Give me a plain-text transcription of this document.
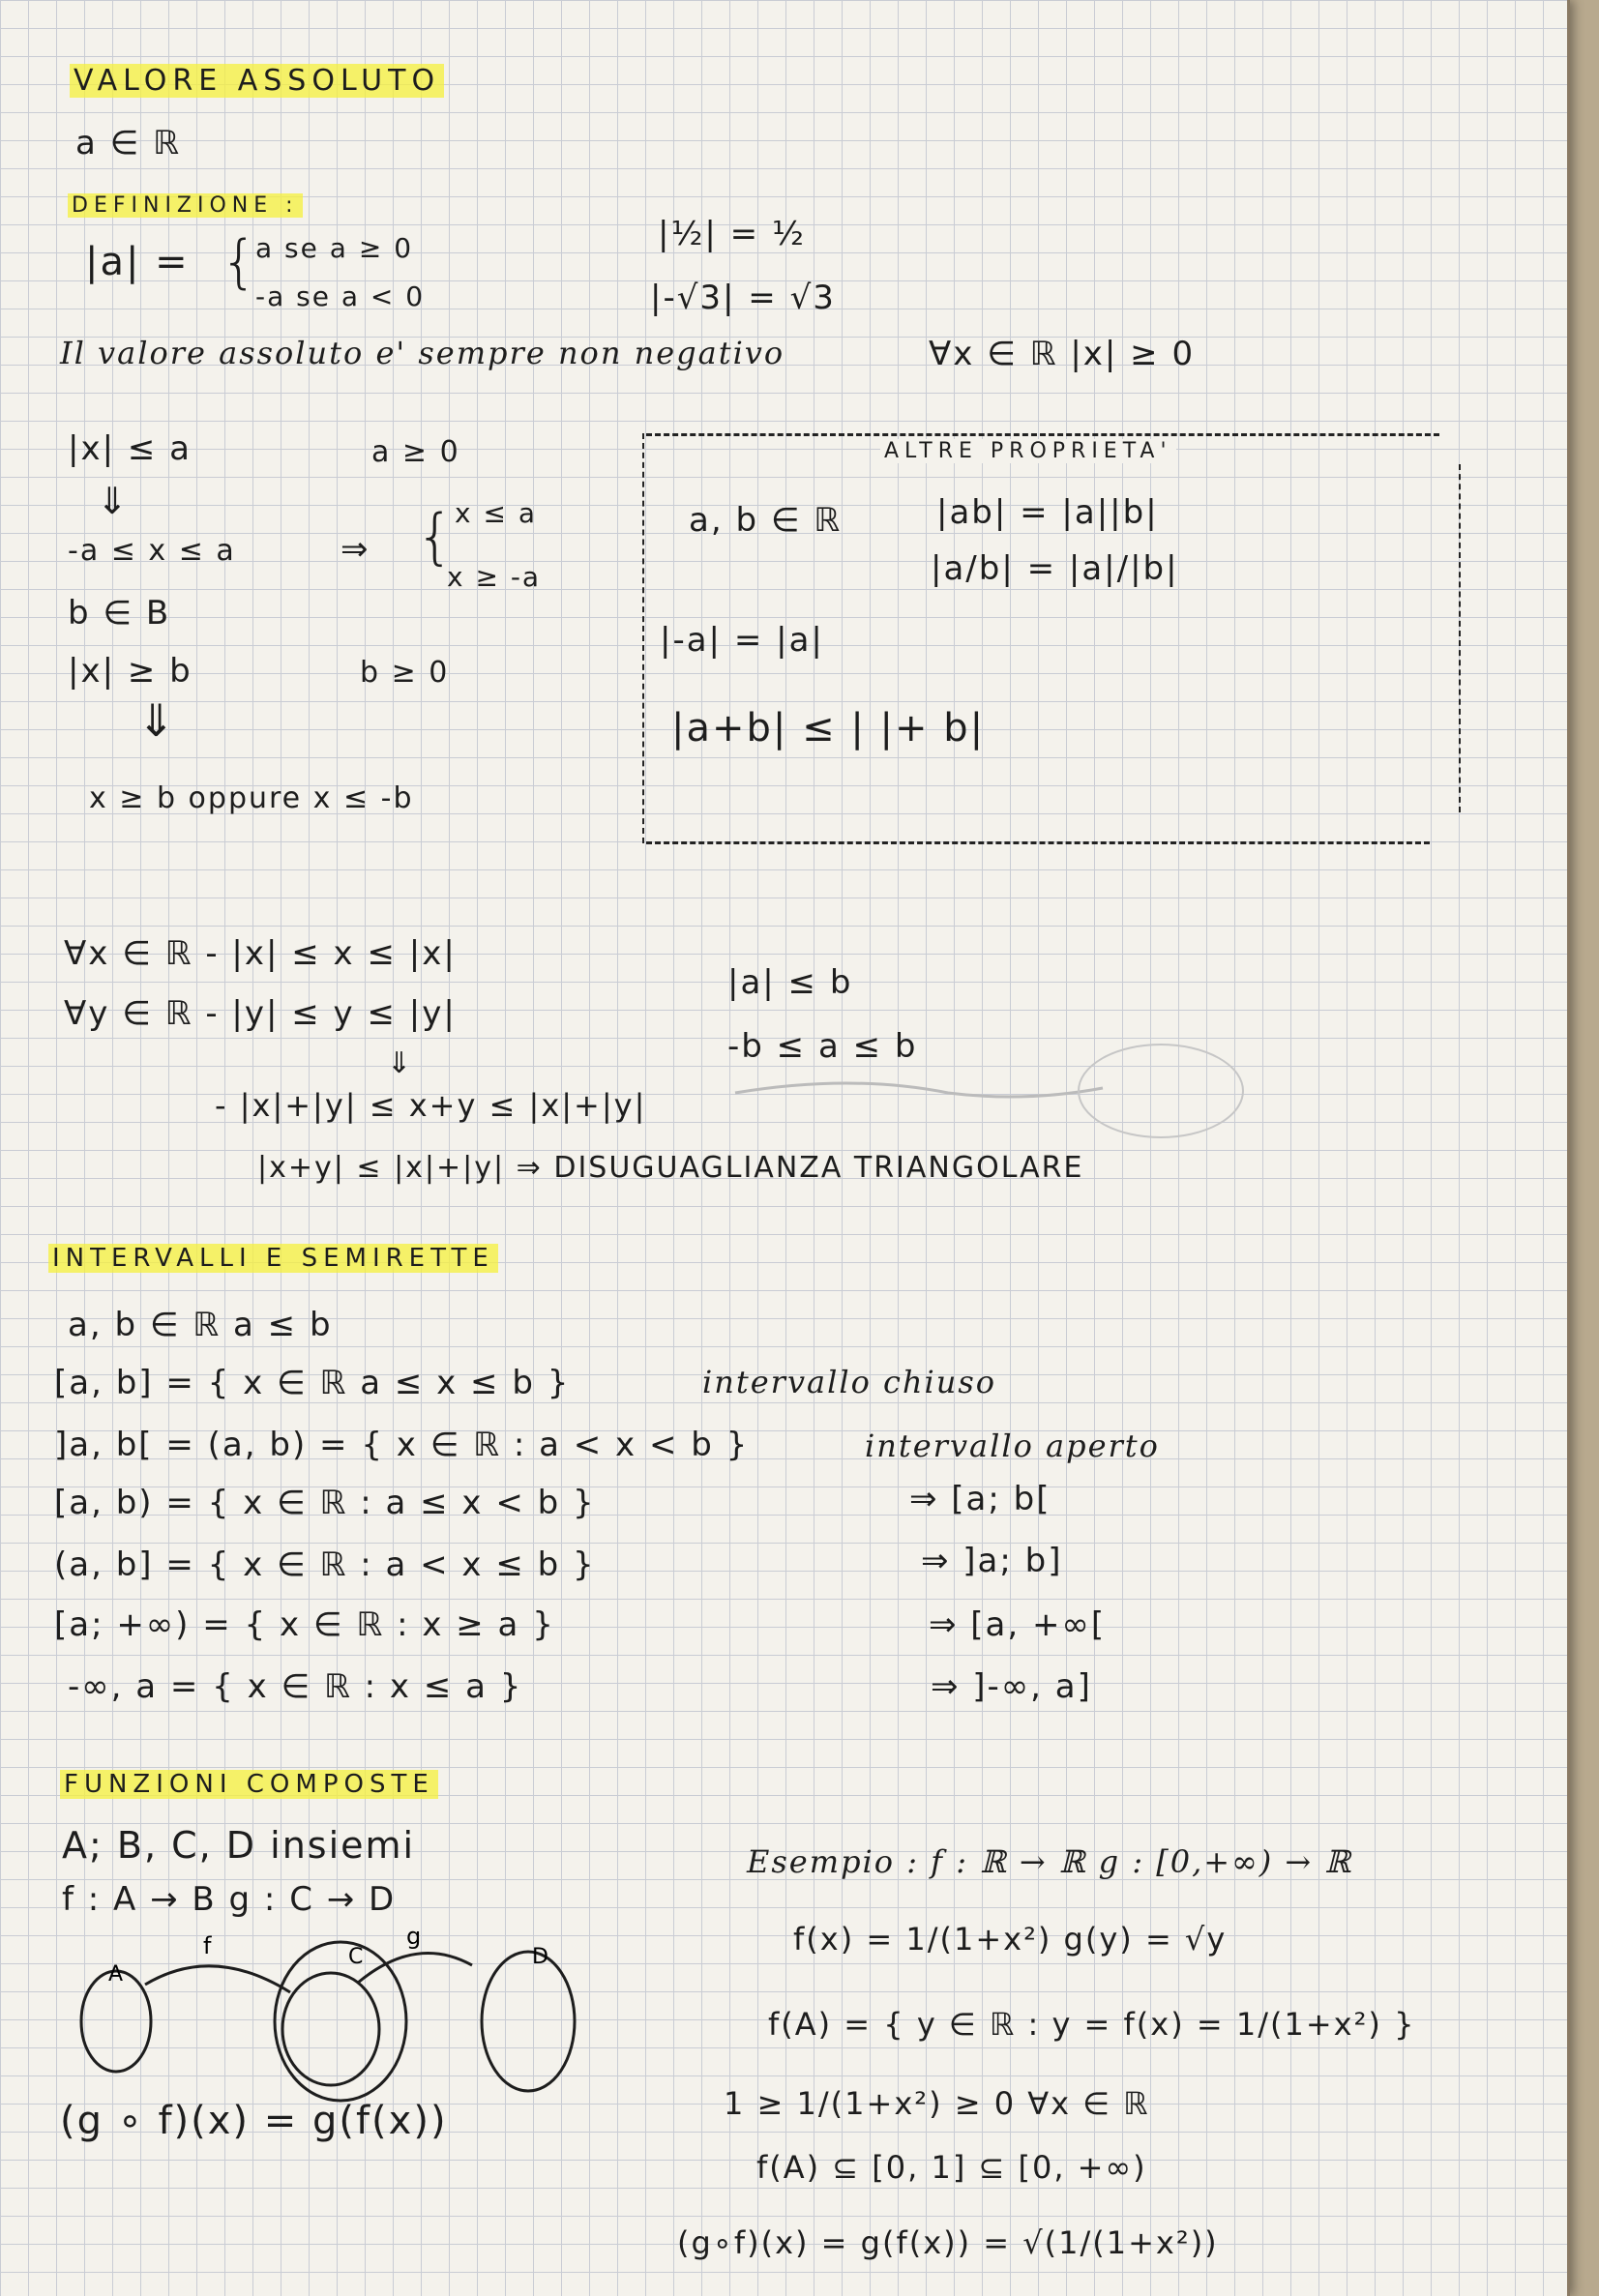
VALORE ASSOLUTO
a ∈ ℝ
DEFINIZIONE :
|a| = {
a se a ≥ 0
-a se a < 0
|½| = ½
|-√3| = √3
Il valore assoluto e' sempre non negativo	∀x ∈ ℝ |x| ≥ 0
|x| ≤ a	a ≥ 0
⇓
-a ≤ x ≤ a	⇒ {
x ≤ a
x ≥ -a
b ∈ B
|x| ≥ b	b ≥ 0
⇓
x ≥ b oppure x ≤ -b
ALTRE PROPRIETA'
a, b ∈ ℝ	|ab| = |a||b|
|a/b| = |a|/|b|
|-a| = |a|
|a+b| ≤ | |+ b|
∀x ∈ ℝ - |x| ≤ x ≤ |x|
∀y ∈ ℝ - |y| ≤ y ≤ |y|
⇓
- |x|+|y| ≤ x+y ≤ |x|+|y|
|x+y| ≤ |x|+|y| ⇒ DISUGUAGLIANZA TRIANGOLARE
|a| ≤ b
-b ≤ a ≤ b
INTERVALLI E SEMIRETTE
a, b ∈ ℝ a ≤ b
[a, b] = { x ∈ ℝ a ≤ x ≤ b }	intervallo chiuso
]a, b[ = (a, b) = { x ∈ ℝ : a < x < b }	intervallo aperto
[a, b) = { x ∈ ℝ : a ≤ x < b }	⇒ [a; b[
(a, b] = { x ∈ ℝ : a < x ≤ b }	⇒ ]a; b]
[a; +∞) = { x ∈ ℝ : x ≥ a }	⇒ [a, +∞[
-∞, a = { x ∈ ℝ : x ≤ a }	⇒ ]-∞, a]
FUNZIONI COMPOSTE
A; B, C, D insiemi
f : A → B g : C → D
A
C	D
f	g
(g ∘ f)(x) = g(f(x))
Esempio : f : ℝ → ℝ g : [0,+∞) → ℝ
f(x) = 1/(1+x²) g(y) = √y
f(A) = { y ∈ ℝ : y = f(x) = 1/(1+x²) }
1 ≥ 1/(1+x²) ≥ 0 ∀x ∈ ℝ
f(A) ⊆ [0, 1] ⊆ [0, +∞)
(g∘f)(x) = g(f(x)) = √(1/(1+x²))
